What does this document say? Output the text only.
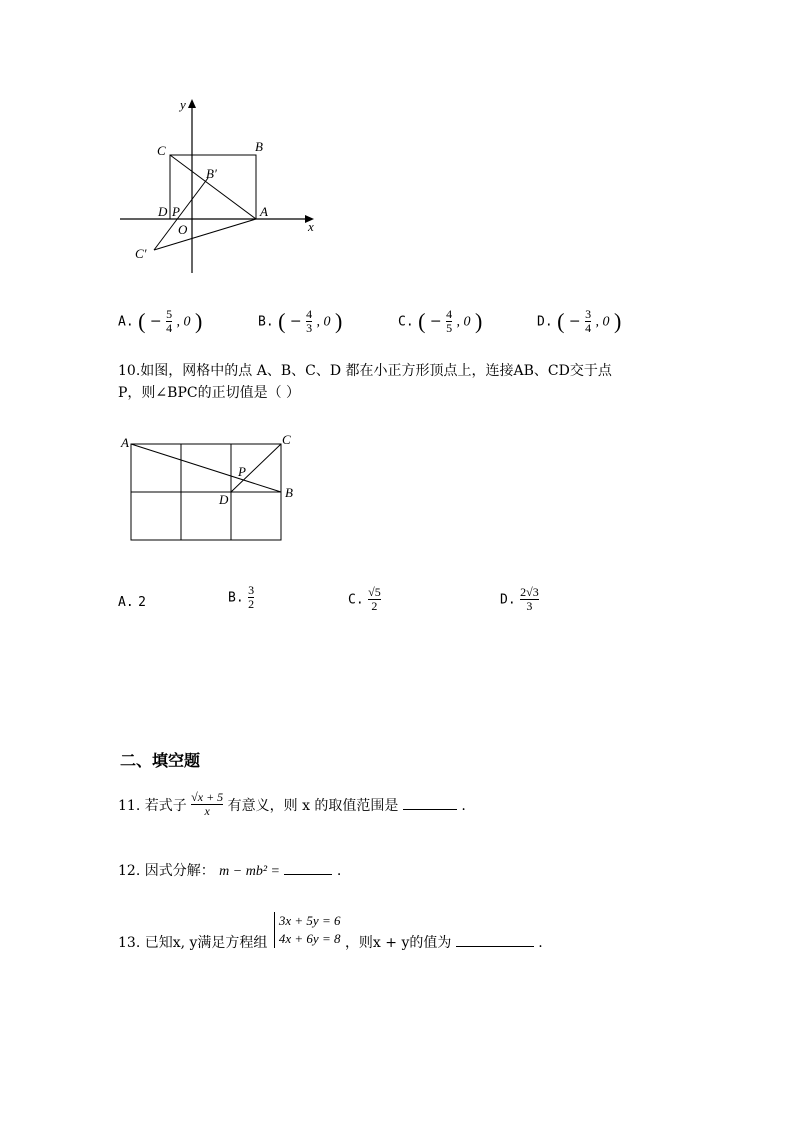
x
y
C	B
B′
D P	A
O
C′
A. ( − $\frac{5}{4}$ , 0 )	B. ( − $\frac{4}{3}$ , 0 )	C. ( − $\frac{4}{5}$ , 0 )	D. ( − $\frac{3}{4}$ , 0 )
10.如图，网格中的点 A、B、C、D 都在小正方形顶点上，连接AB、CD交于点
P，则∠BPC的正切值是（ ）
A	C
P
D	B
A. 2	B. $\frac{3}{2}$	C. $\frac{√5}{2}$	D. $\frac{2√3}{3}$
二、填空题
11. 若式子 $\frac{√x + 5}{x}$ 有意义，则 x 的取值范围是	.
12. 因式分解： m − mb² =	.
13. 已知x, y满足方程组
3x + 5y = 6
4x + 6y = 8 ，则x + y的值为	.
